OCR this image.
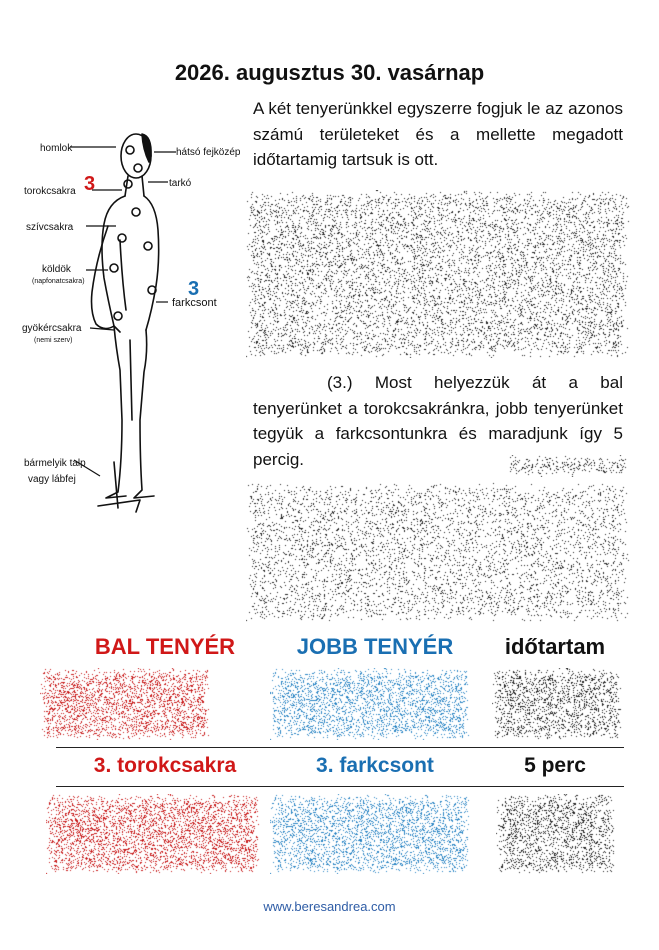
2026. augusztus 30. vasárnap
homlok	hátsó fejközép
torokcsakra
tarkó
szívcsakra
köldök
(napfonatcsakra)
farkcsont
gyökércsakra
(nemi szerv)
bármelyik talp
vagy lábfej
3
3
A két tenyerünkkel egyszerre fogjuk le az azonos számú területeket és a mellette megadott időtartamig tartsuk is ott.
(3.) Most helyezzük át a bal tenyerünket a torokcsakránkra, jobb tenyerünket tegyük a farkcsontunkra és maradjunk így 5 percig.
BAL TENYÉR	JOBB TENYÉR	időtartam
3. torokcsakra	3. farkcsont	5 perc
www.beresandrea.com
